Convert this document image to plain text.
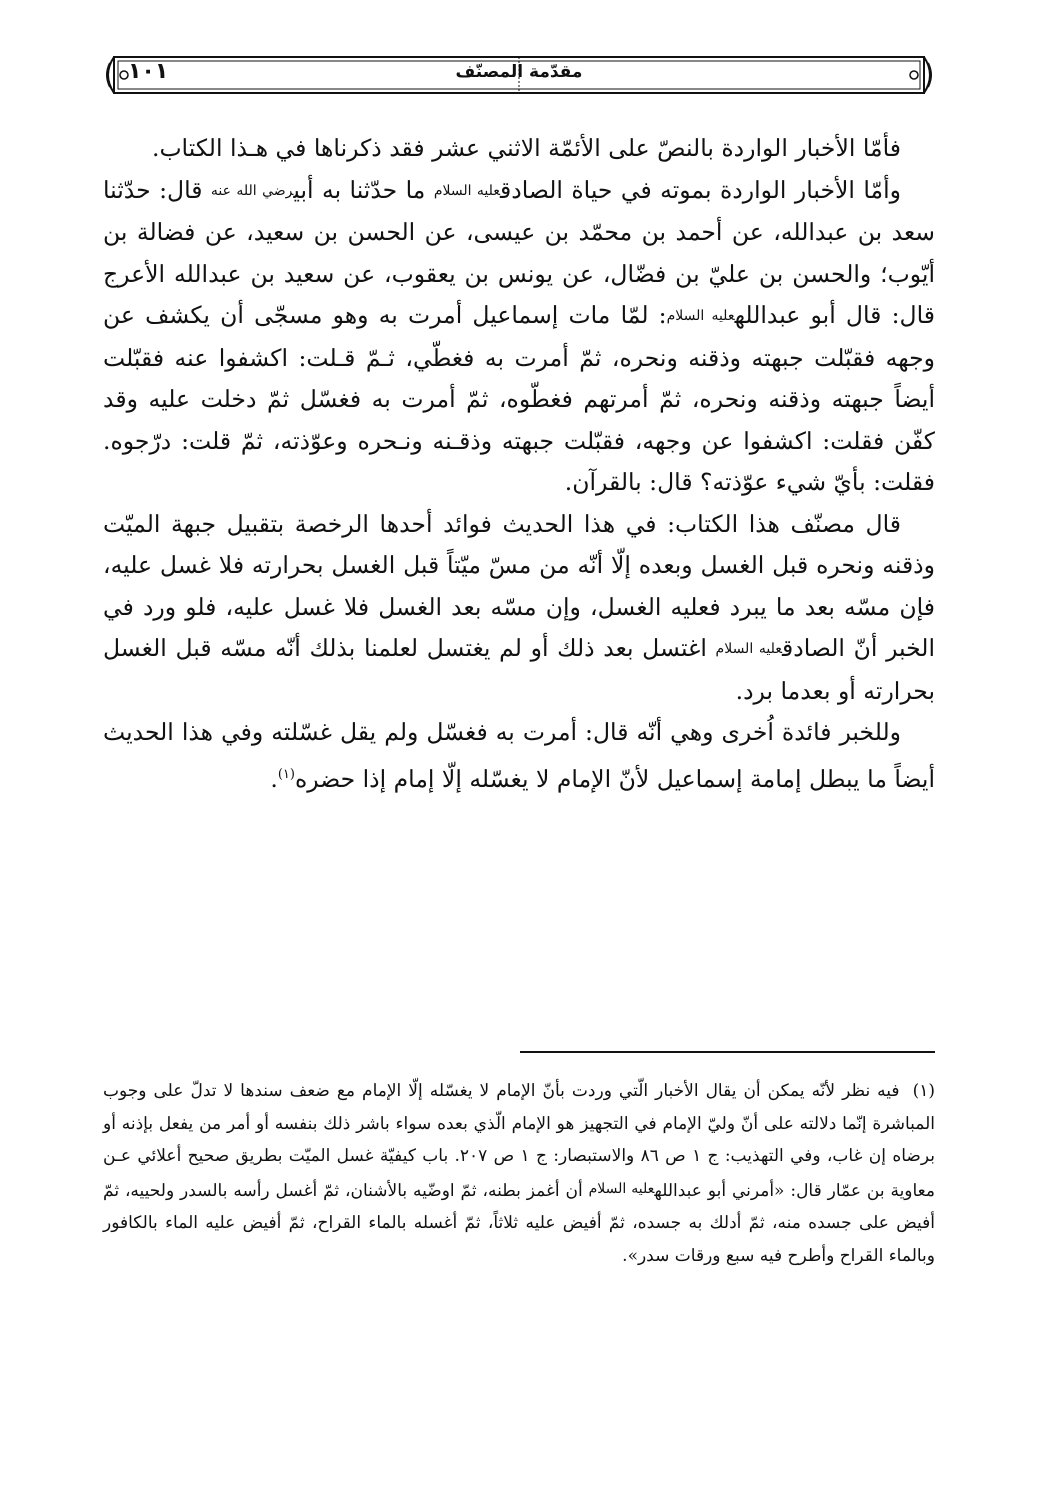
مقدّمة المصنّف
١٠١

فأمّا الأخبار الواردة بالنصّ على الأئمّة الاثني عشر فقد ذكرناها في هـذا الكتاب.

وأمّا الأخبار الواردة بموته في حياة الصادقعليه السلام ما حدّثنا به أبيرضي الله عنه قال: حدّثنا سعد بن عبدالله، عن أحمد بن محمّد بن عيسى، عن الحسن بن سعيد، عن فضالة بن أيّوب؛ والحسن بن عليّ بن فضّال، عن يونس بن يعقوب، عن سعيد بن عبدالله الأعرج قال: قال أبو عبداللهعليه السلام: لمّا مات إسماعيل أمرت به وهو مسجّى أن يكشف عن وجهه فقبّلت جبهته وذقنه ونحره، ثمّ أمرت به فغطّي، ثـمّ قـلت: اكشفوا عنه فقبّلت أيضاً جبهته وذقنه ونحره، ثمّ أمرتهم فغطّوه، ثمّ أمرت به فغسّل ثمّ دخلت عليه وقد كفّن فقلت: اكشفوا عن وجهه، فقبّلت جبهته وذقـنه ونـحره وعوّذته، ثمّ قلت: درّجوه. فقلت: بأيّ شيء عوّذته؟ قال: بالقرآن.

قال مصنّف هذا الكتاب: في هذا الحديث فوائد أحدها الرخصة بتقبيل جبهة الميّت وذقنه ونحره قبل الغسل وبعده إلّا أنّه من مسّ ميّتاً قبل الغسل بحرارته فلا غسل عليه، فإن مسّه بعد ما يبرد فعليه الغسل، وإن مسّه بعد الغسل فلا غسل عليه، فلو ورد في الخبر أنّ الصادقعليه السلام اغتسل بعد ذلك أو لم يغتسل لعلمنا بذلك أنّه مسّه قبل الغسل بحرارته أو بعدما برد.

وللخبر فائدة اُخرى وهي أنّه قال: أمرت به فغسّل ولم يقل غسّلته وفي هذا الحديث أيضاً ما يبطل إمامة إسماعيل لأنّ الإمام لا يغسّله إلّا إمام إذا حضره$^{(١)}$.

(١) فيه نظر لأنّه يمكن أن يقال الأخبار الّتي وردت بأنّ الإمام لا يغسّله إلّا الإمام مع ضعف سندها لا تدلّ على وجوب المباشرة إنّما دلالته على أنّ وليّ الإمام في التجهيز هو الإمام الّذي بعده سواء باشر ذلك بنفسه أو أمر من يفعل بإذنه أو برضاه إن غاب، وفي التهذيب: ج ١ ص ٨٦ والاستبصار: ج ١ ص ٢٠٧. باب كيفيّة غسل الميّت بطريق صحيح أعلائي عـن معاوية بن عمّار قال: «أمرني أبو عبداللهعليه السلام أن أغمز بطنه، ثمّ اوضّيه بالأشنان، ثمّ أغسل رأسه بالسدر ولحييه، ثمّ أفيض على جسده منه، ثمّ أدلك به جسده، ثمّ أفيض عليه ثلاثاً، ثمّ أغسله بالماء القراح، ثمّ أفيض عليه الماء بالكافور وبالماء القراح وأطرح فيه سبع ورقات سدر».
